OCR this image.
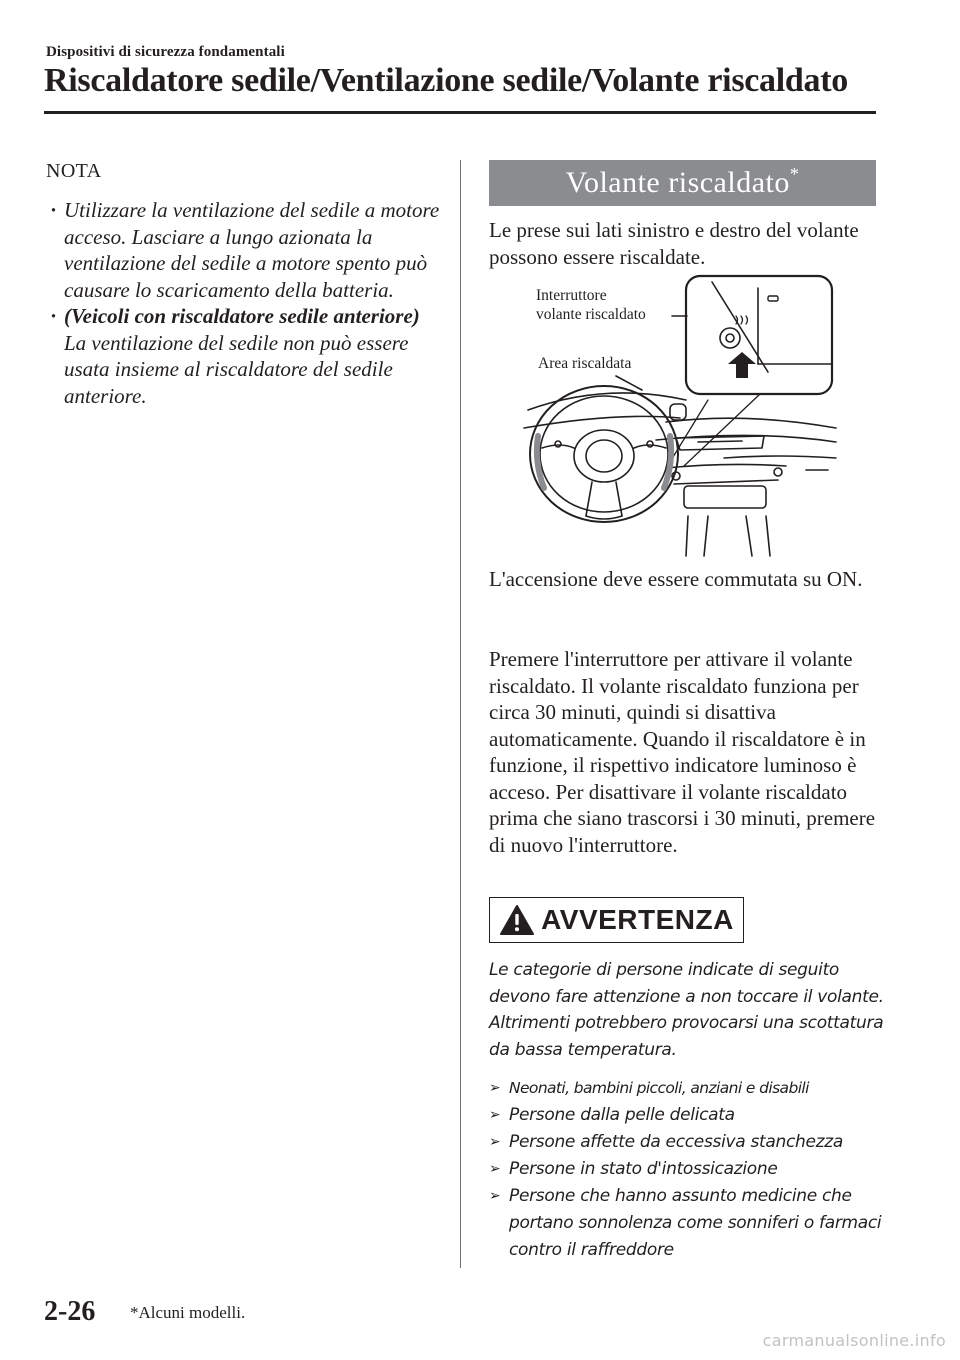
Dispositivi di sicurezza fondamentali
Riscaldatore sedile/Ventilazione sedile/Volante riscaldato
NOTA
· Utilizzare la ventilazione del sedile a motore acceso. Lasciare a lungo azionata la ventilazione del sedile a motore spento può causare lo scaricamento della batteria.
· (Veicoli con riscaldatore sedile anteriore)
La ventilazione del sedile non può essere usata insieme al riscaldatore del sedile anteriore.
Volante riscaldato*
Le prese sui lati sinistro e destro del volante possono essere riscaldate.
Interruttore
volante riscaldato
Area riscaldata
L'accensione deve essere commutata su ON.
Premere l'interruttore per attivare il volante riscaldato. Il volante riscaldato funziona per circa 30 minuti, quindi si disattiva automaticamente. Quando il riscaldatore è in funzione, il rispettivo indicatore luminoso è acceso. Per disattivare il volante riscaldato prima che siano trascorsi i 30 minuti, premere di nuovo l'interruttore.
AVVERTENZA
Le categorie di persone indicate di seguito devono fare attenzione a non toccare il volante. Altrimenti potrebbero provocarsi una scottatura da bassa temperatura.
➢ Neonati, bambini piccoli, anziani e disabili
➢ Persone dalla pelle delicata
➢ Persone affette da eccessiva stanchezza
➢ Persone in stato d'intossicazione
➢ Persone che hanno assunto medicine che portano sonnolenza come sonniferi o farmaci contro il raffreddore
2-26 *Alcuni modelli.
carmanualsonline.info
